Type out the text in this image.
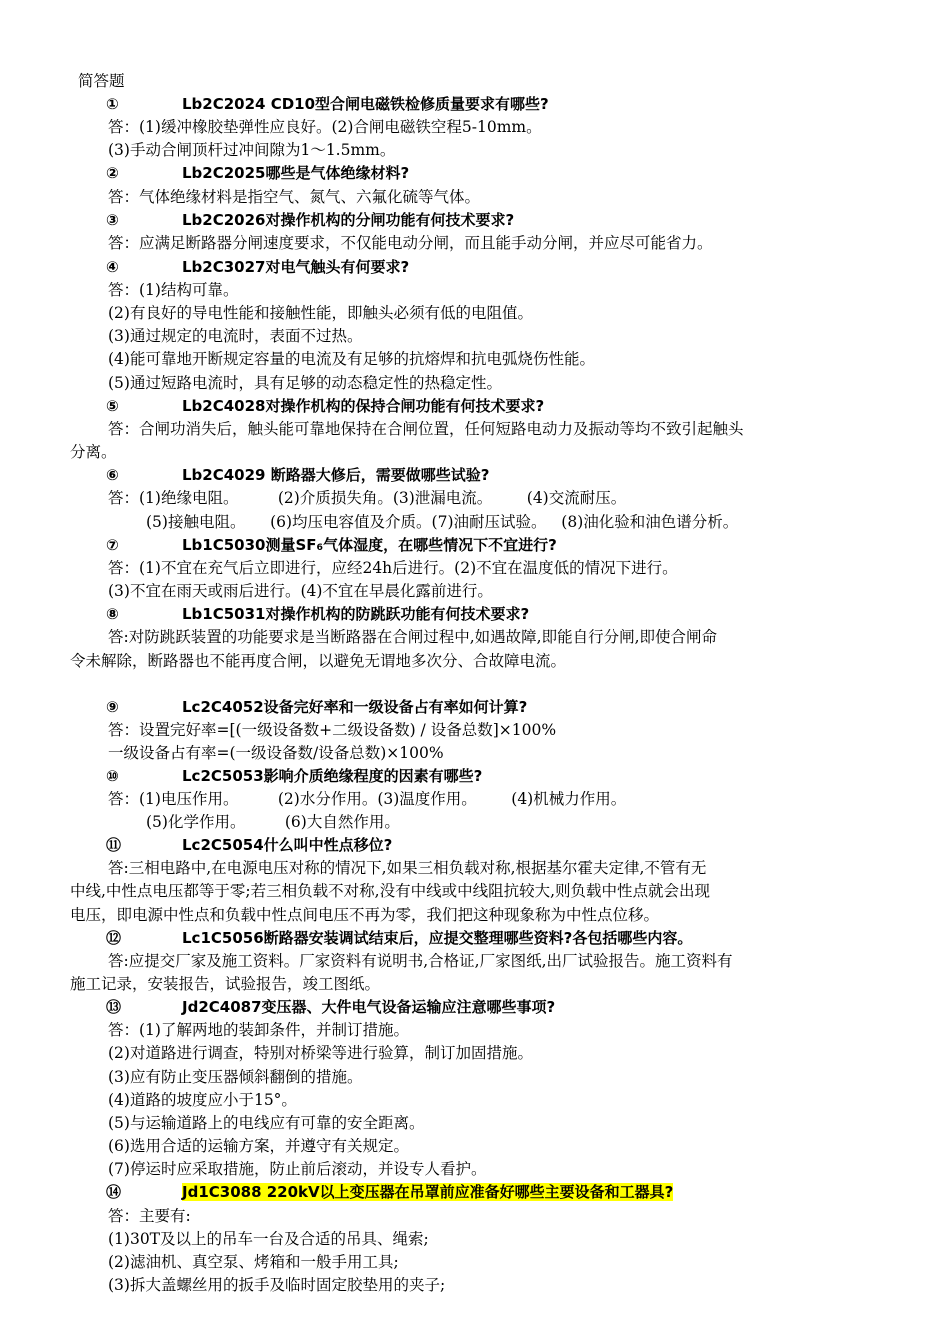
简答题
①	Lb2C2024 CD10型合闸电磁铁检修质量要求有哪些?
答：(1)缓冲橡胶垫弹性应良好。(2)合闸电磁铁空程5-10mm。
(3)手动合闸顶杆过冲间隙为1～1.5mm。
②	Lb2C2025哪些是气体绝缘材料?
答：气体绝缘材料是指空气、氮气、六氟化硫等气体。
③	Lb2C2026对操作机构的分闸功能有何技术要求?
答：应满足断路器分闸速度要求，不仅能电动分闸，而且能手动分闸，并应尽可能省力。
④	Lb2C3027对电气触头有何要求?
答：(1)结构可靠。
(2)有良好的导电性能和接触性能，即触头必须有低的电阻值。
(3)通过规定的电流时，表面不过热。
(4)能可靠地开断规定容量的电流及有足够的抗熔焊和抗电弧烧伤性能。
(5)通过短路电流时，具有足够的动态稳定性的热稳定性。
⑤	Lb2C4028对操作机构的保持合闸功能有何技术要求?
答：合闸功消失后，触头能可靠地保持在合闸位置，任何短路电动力及振动等均不致引起触头
分离。
⑥	Lb2C4029 断路器大修后，需要做哪些试验?
答：(1)绝缘电阻。        (2)介质损失角。(3)泄漏电流。       (4)交流耐压。
(5)接触电阻。     (6)均压电容值及介质。(7)油耐压试验。   (8)油化验和油色谱分析。
⑦	Lb1C5030测量SF₆气体湿度，在哪些情况下不宜进行?
答：(1)不宜在充气后立即进行，应经24h后进行。(2)不宜在温度低的情况下进行。
(3)不宜在雨天或雨后进行。(4)不宜在早晨化露前进行。
⑧	Lb1C5031对操作机构的防跳跃功能有何技术要求?
答:对防跳跃装置的功能要求是当断路器在合闸过程中,如遇故障,即能自行分闸,即使合闸命
令未解除，断路器也不能再度合闸，以避免无谓地多次分、合故障电流。
⑨	Lc2C4052设备完好率和一级设备占有率如何计算?
答：设置完好率=[(一级设备数+二级设备数) / 设备总数]×100%
一级设备占有率=(一级设备数/设备总数)×100%
⑩	Lc2C5053影响介质绝缘程度的因素有哪些?
答：(1)电压作用。        (2)水分作用。(3)温度作用。       (4)机械力作用。
(5)化学作用。        (6)大自然作用。
⑪	Lc2C5054什么叫中性点移位?
答:三相电路中,在电源电压对称的情况下,如果三相负载对称,根据基尔霍夫定律,不管有无
中线,中性点电压都等于零;若三相负载不对称,没有中线或中线阻抗较大,则负载中性点就会出现
电压，即电源中性点和负载中性点间电压不再为零，我们把这种现象称为中性点位移。
⑫	Lc1C5056断路器安装调试结束后，应提交整理哪些资料?各包括哪些内容。
答:应提交厂家及施工资料。厂家资料有说明书,合格证,厂家图纸,出厂试验报告。施工资料有
施工记录，安装报告，试验报告，竣工图纸。
⑬	Jd2C4087变压器、大件电气设备运输应注意哪些事项?
答：(1)了解两地的装卸条件，并制订措施。
(2)对道路进行调查，特别对桥梁等进行验算，制订加固措施。
(3)应有防止变压器倾斜翻倒的措施。
(4)道路的坡度应小于15°。
(5)与运输道路上的电线应有可靠的安全距离。
(6)选用合适的运输方案，并遵守有关规定。
(7)停运时应采取措施，防止前后滚动，并设专人看护。
⑭	Jd1C3088 220kV以上变压器在吊罩前应准备好哪些主要设备和工器具?
答：主要有:
(1)30T及以上的吊车一台及合适的吊具、绳索;
(2)滤油机、真空泵、烤箱和一般手用工具;
(3)拆大盖螺丝用的扳手及临时固定胶垫用的夹子;
